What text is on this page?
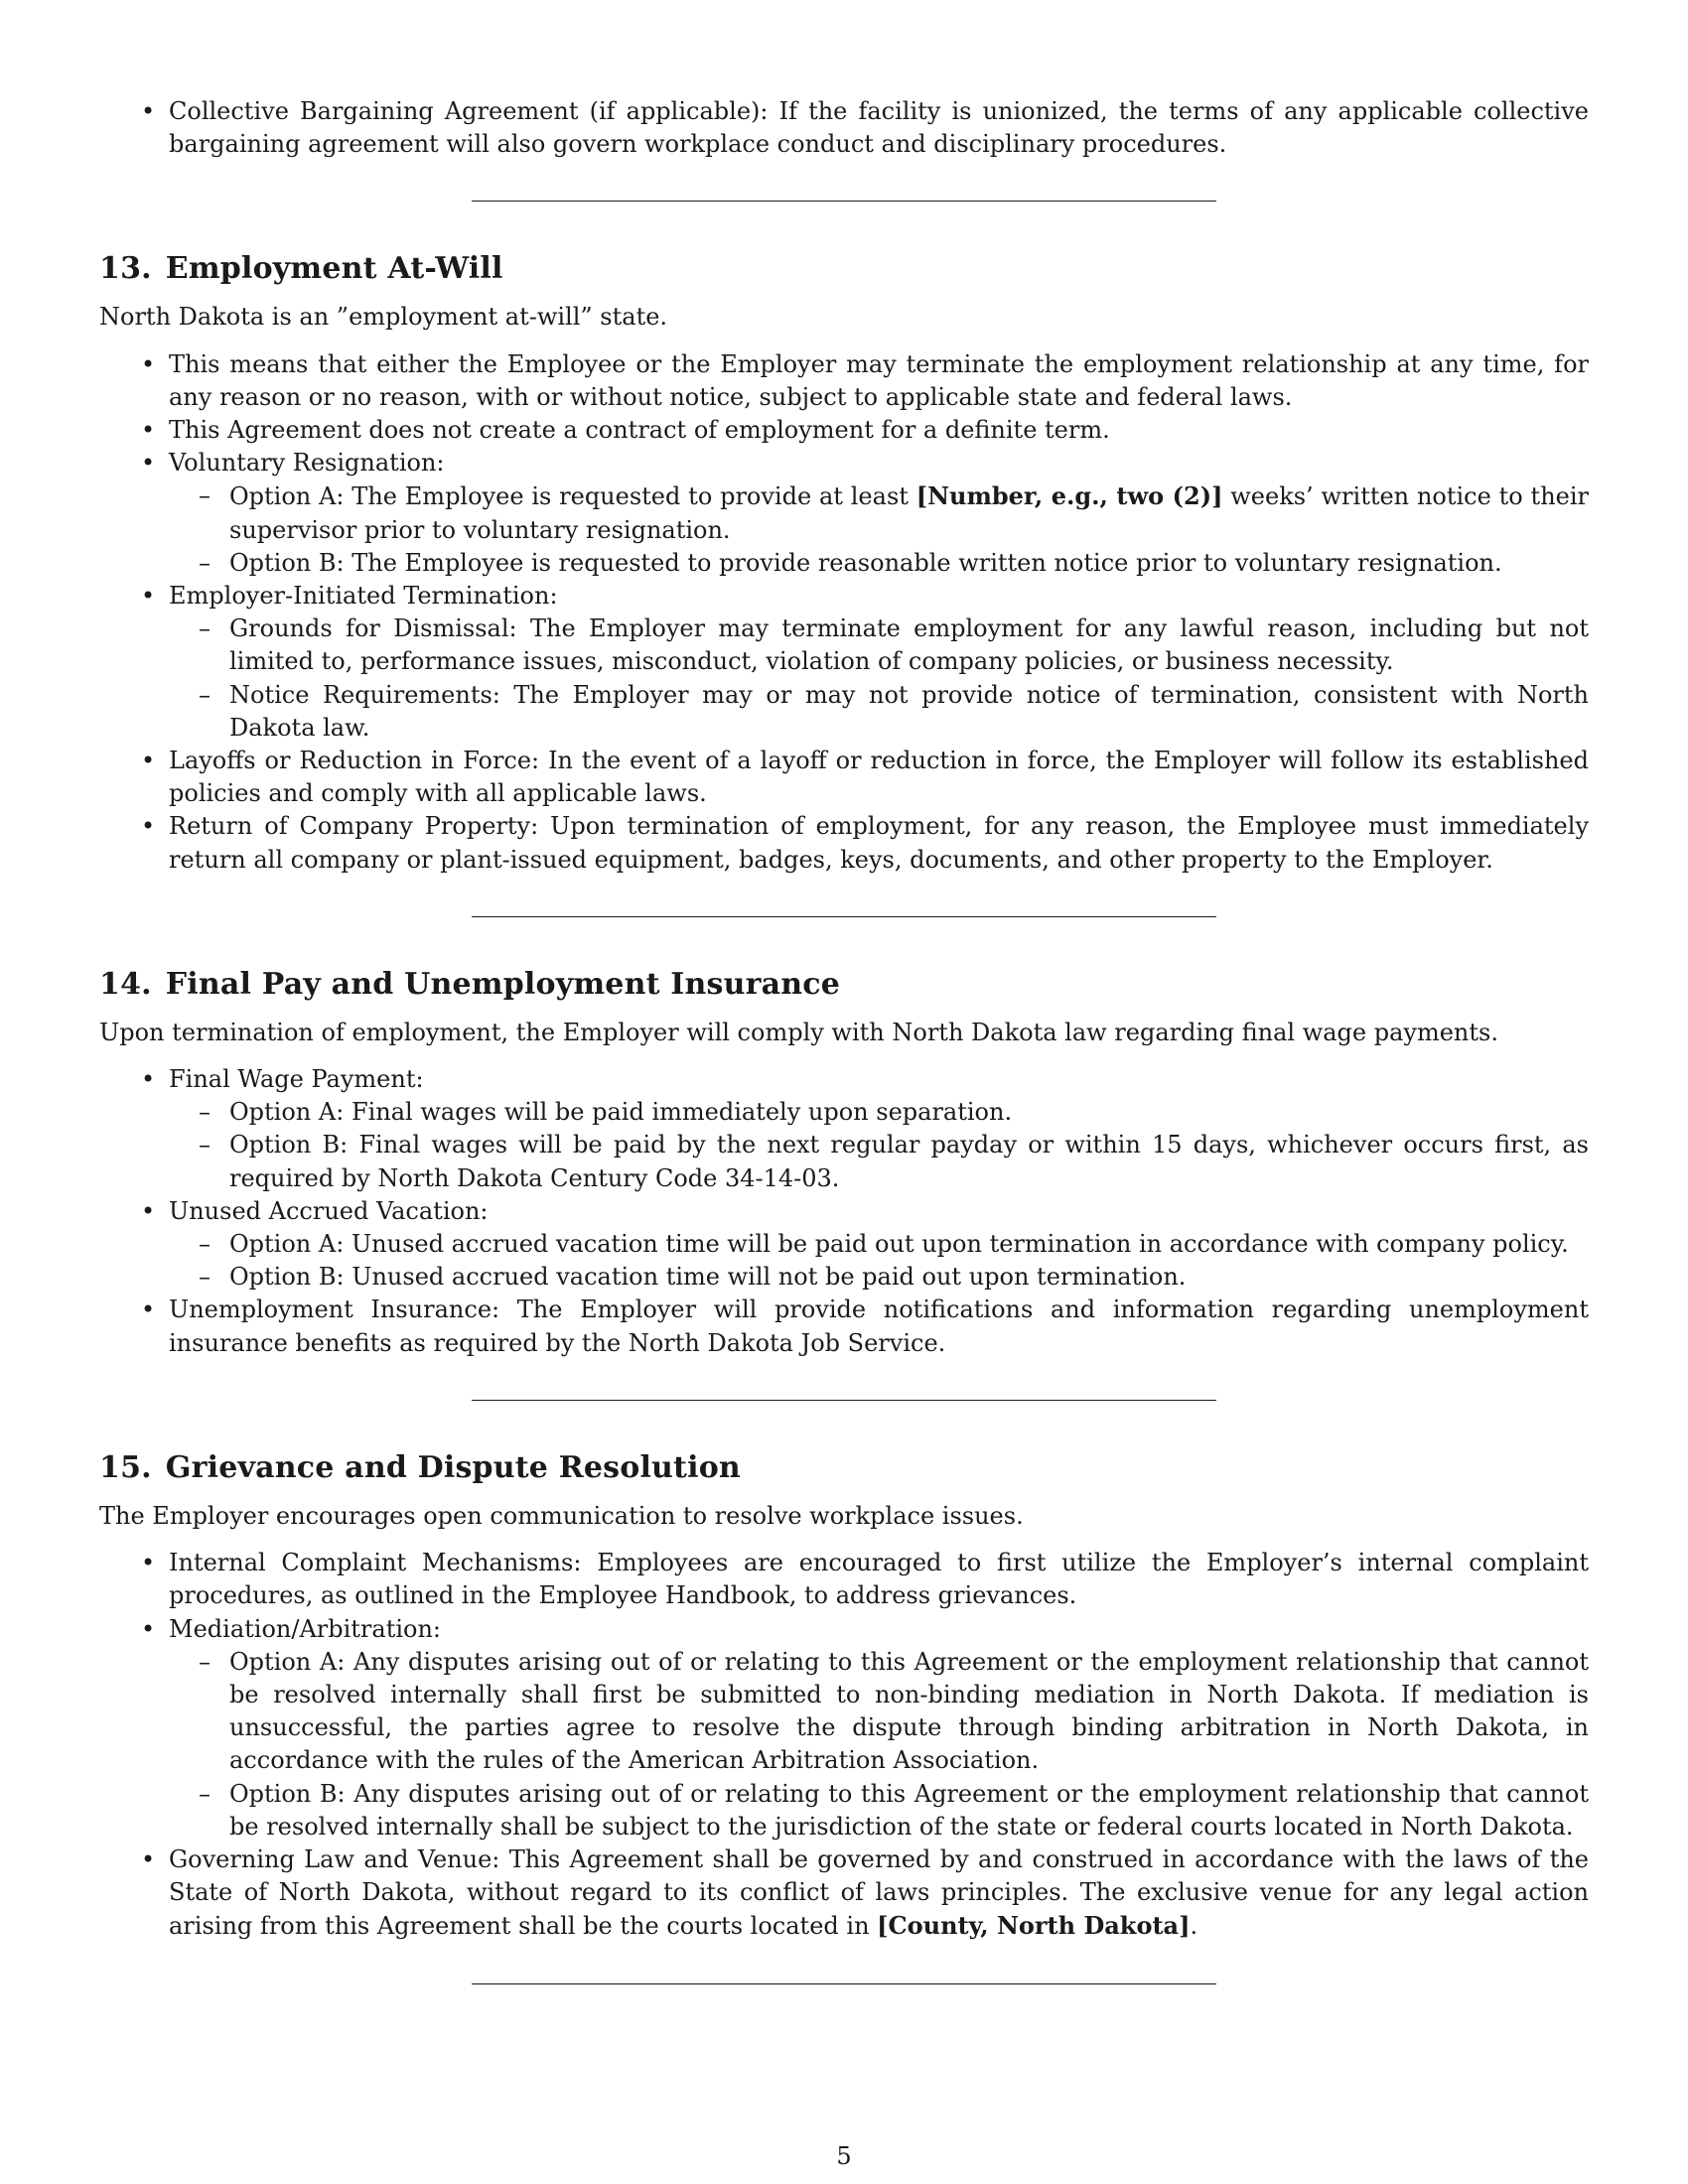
• Collective Bargaining Agreement (if applicable): If the facility is unionized, the terms of any applicable collective bargaining agreement will also govern workplace conduct and disciplinary procedures.
13. Employment At-Will

North Dakota is an ”employment at-will” state.

• This means that either the Employee or the Employer may terminate the employment relationship at any time, for any reason or no reason, with or without notice, subject to applicable state and federal laws.
• This Agreement does not create a contract of employment for a definite term.
• Voluntary Resignation:
– Option A: The Employee is requested to provide at least [Number, e.g., two (2)] weeks’ written notice to their supervisor prior to voluntary resignation.
– Option B: The Employee is requested to provide reasonable written notice prior to voluntary resignation.
• Employer-Initiated Termination:
– Grounds for Dismissal: The Employer may terminate employment for any lawful reason, including but not limited to, performance issues, misconduct, violation of company policies, or business necessity.
– Notice Requirements: The Employer may or may not provide notice of termination, consistent with North Dakota law.
• Layoffs or Reduction in Force: In the event of a layoff or reduction in force, the Employer will follow its established policies and comply with all applicable laws.
• Return of Company Property: Upon termination of employment, for any reason, the Employee must immediately return all company or plant-issued equipment, badges, keys, documents, and other property to the Employer.
14. Final Pay and Unemployment Insurance

Upon termination of employment, the Employer will comply with North Dakota law regarding final wage payments.

• Final Wage Payment:
– Option A: Final wages will be paid immediately upon separation.
– Option B: Final wages will be paid by the next regular payday or within 15 days, whichever occurs first, as required by North Dakota Century Code 34-14-03.
• Unused Accrued Vacation:
– Option A: Unused accrued vacation time will be paid out upon termination in accordance with company policy.
– Option B: Unused accrued vacation time will not be paid out upon termination.
• Unemployment Insurance: The Employer will provide notifications and information regarding unemployment insurance benefits as required by the North Dakota Job Service.
15. Grievance and Dispute Resolution

The Employer encourages open communication to resolve workplace issues.

• Internal Complaint Mechanisms: Employees are encouraged to first utilize the Employer’s internal complaint procedures, as outlined in the Employee Handbook, to address grievances.
• Mediation/Arbitration:
– Option A: Any disputes arising out of or relating to this Agreement or the employment relationship that cannot be resolved internally shall first be submitted to non-binding mediation in North Dakota. If mediation is unsuccessful, the parties agree to resolve the dispute through binding arbitration in North Dakota, in accordance with the rules of the American Arbitration Association.
– Option B: Any disputes arising out of or relating to this Agreement or the employment relationship that cannot be resolved internally shall be subject to the jurisdiction of the state or federal courts located in North Dakota.
• Governing Law and Venue: This Agreement shall be governed by and construed in accordance with the laws of the State of North Dakota, without regard to its conflict of laws principles. The exclusive venue for any legal action arising from this Agreement shall be the courts located in [County, North Dakota].
5
